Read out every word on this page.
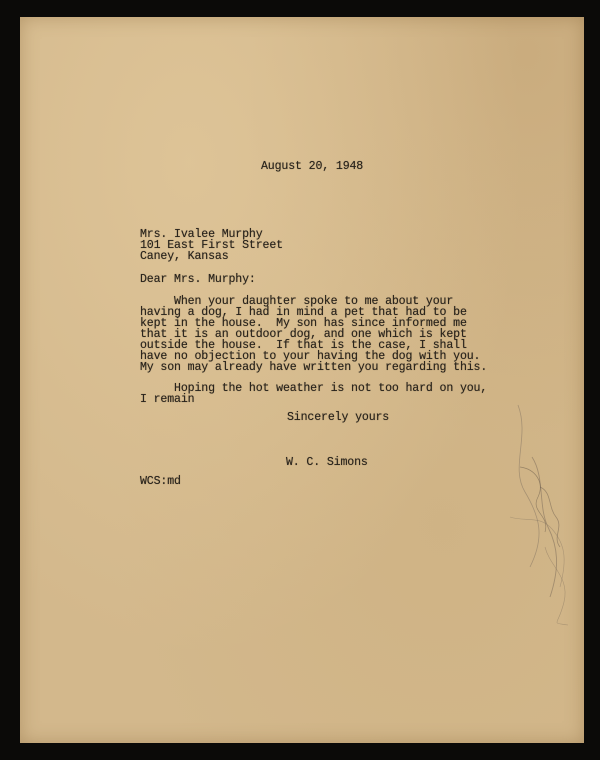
August 20, 1948
Mrs. Ivalee Murphy
101 East First Street
Caney, Kansas
Dear Mrs. Murphy:
When your daughter spoke to me about your
having a dog, I had in mind a pet that had to be
kept in the house.  My son has since informed me
that it is an outdoor dog, and one which is kept
outside the house.  If that is the case, I shall
have no objection to your having the dog with you.
My son may already have written you regarding this.
Hoping the hot weather is not too hard on you,
I remain
Sincerely yours
W. C. Simons
WCS:md
